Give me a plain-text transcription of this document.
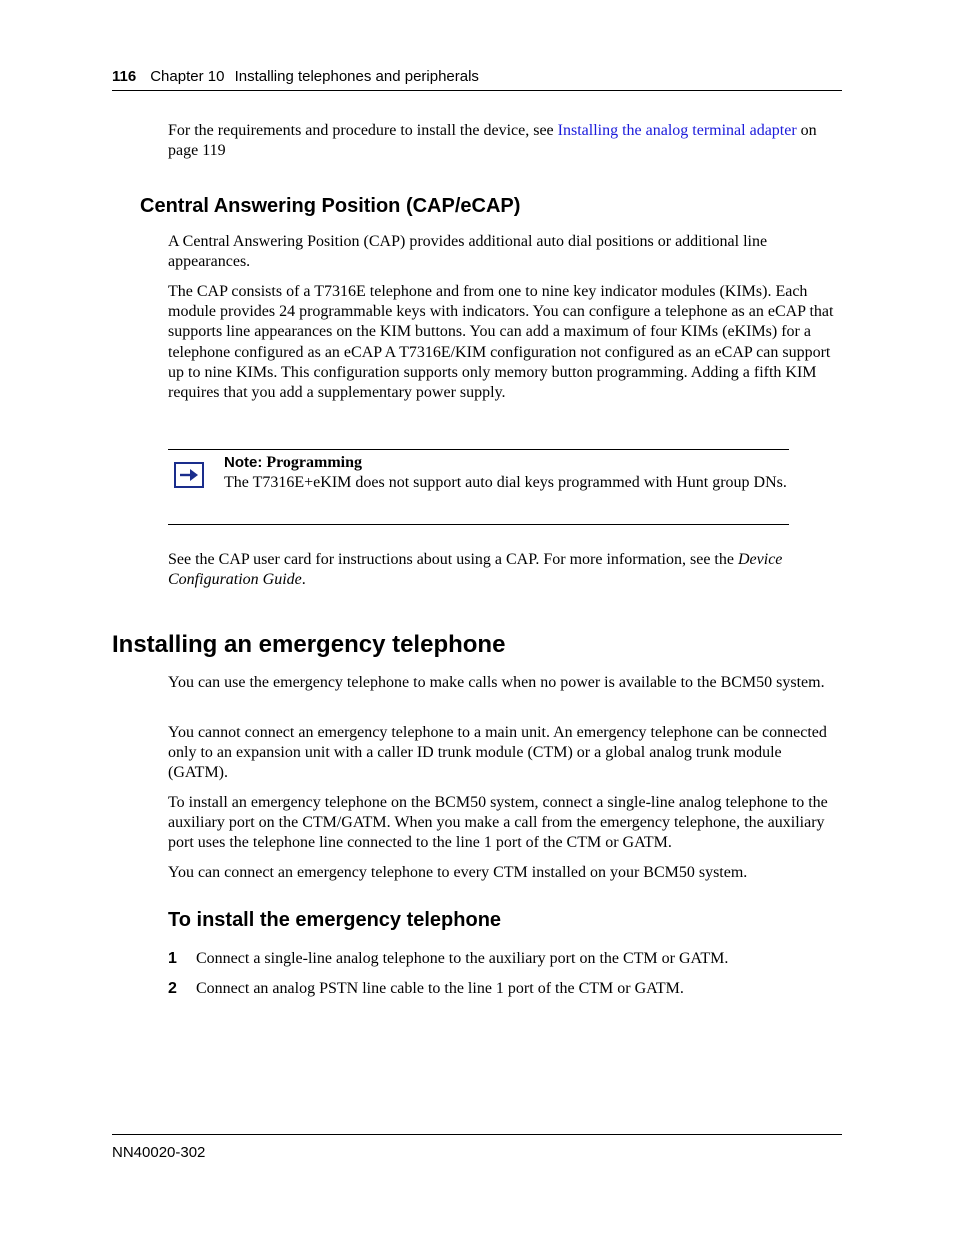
116 Chapter 10 Installing telephones and peripherals

For the requirements and procedure to install the device, see Installing the analog terminal adapter on page 119

Central Answering Position (CAP/eCAP)

A Central Answering Position (CAP) provides additional auto dial positions or additional line appearances.

The CAP consists of a T7316E telephone and from one to nine key indicator modules (KIMs). Each module provides 24 programmable keys with indicators. You can configure a telephone as an eCAP that supports line appearances on the KIM buttons. You can add a maximum of four KIMs (eKIMs) for a telephone configured as an eCAP A T7316E/KIM configuration not configured as an eCAP can support up to nine KIMs. This configuration supports only memory button programming. Adding a fifth KIM requires that you add a supplementary power supply.

Note: Programming
The T7316E+eKIM does not support auto dial keys programmed with Hunt group DNs.

See the CAP user card for instructions about using a CAP. For more information, see the Device Configuration Guide.

Installing an emergency telephone

You can use the emergency telephone to make calls when no power is available to the BCM50 system.

You cannot connect an emergency telephone to a main unit. An emergency telephone can be connected only to an expansion unit with a caller ID trunk module (CTM) or a global analog trunk module (GATM).

To install an emergency telephone on the BCM50 system, connect a single-line analog telephone to the auxiliary port on the CTM/GATM. When you make a call from the emergency telephone, the auxiliary port uses the telephone line connected to the line 1 port of the CTM or GATM.

You can connect an emergency telephone to every CTM installed on your BCM50 system.

To install the emergency telephone
1 Connect a single-line analog telephone to the auxiliary port on the CTM or GATM.
2 Connect an analog PSTN line cable to the line 1 port of the CTM or GATM.
NN40020-302
